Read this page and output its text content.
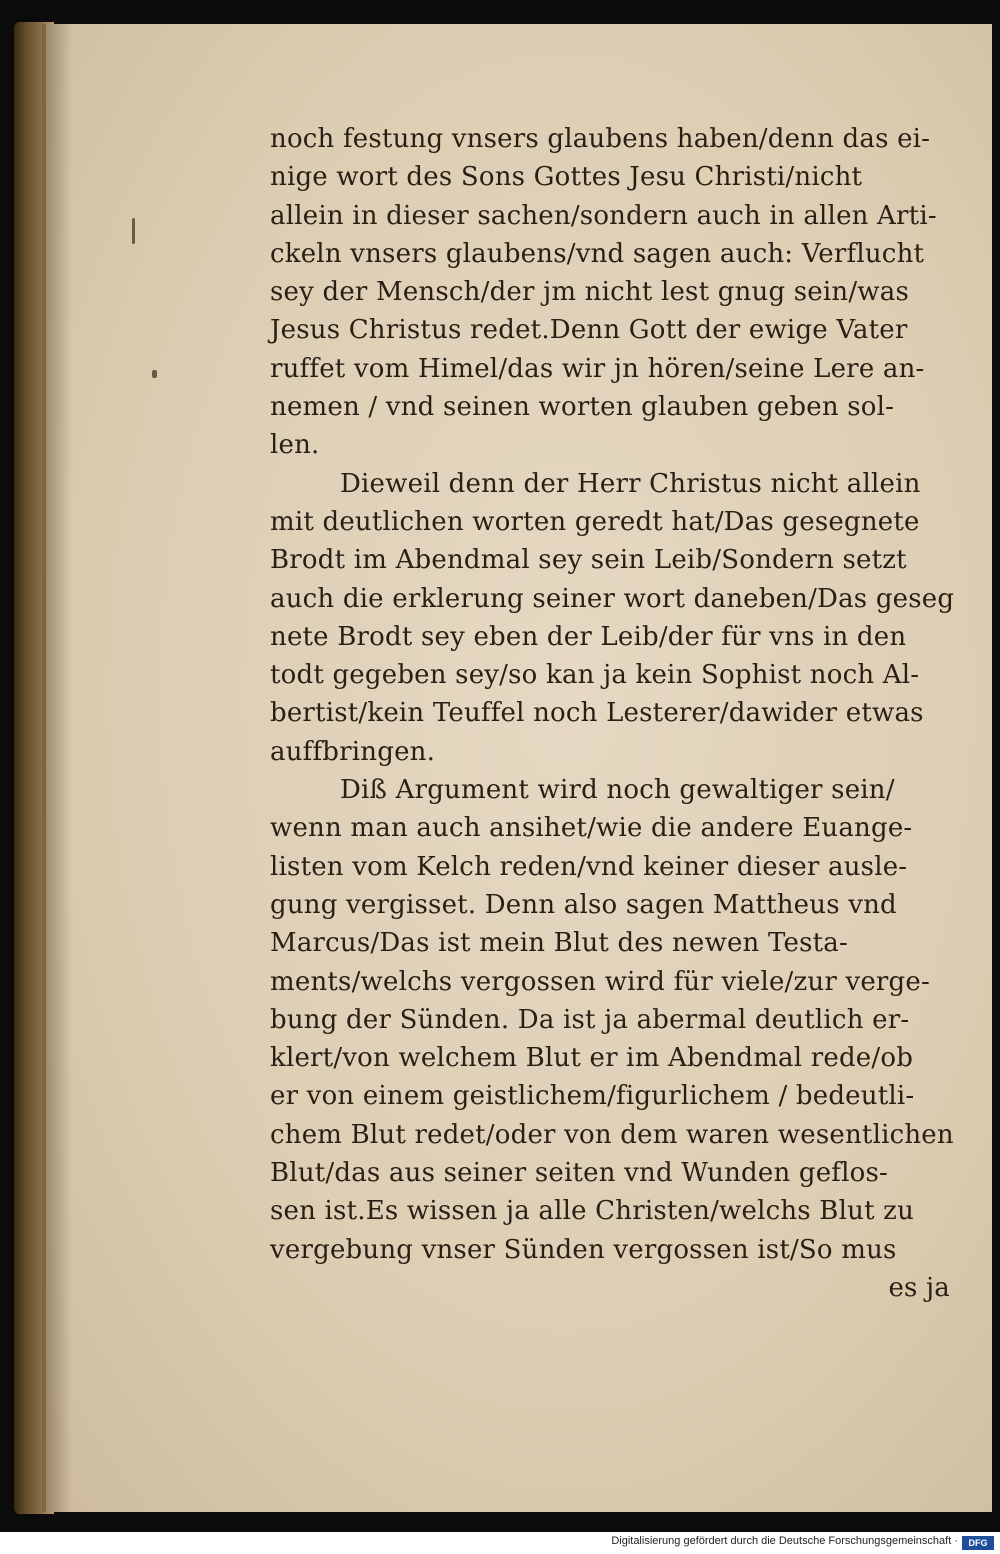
noch festung vnsers glaubens haben/denn das ei-
nige wort des Sons Gottes Jesu Christi/nicht
allein in dieser sachen/sondern auch in allen Arti-
ckeln vnsers glaubens/vnd sagen auch: Verflucht
sey der Mensch/der jm nicht lest gnug sein/was
Jesus Christus redet.Denn Gott der ewige Vater
ruffet vom Himel/das wir jn hören/seine Lere an-
nemen / vnd seinen worten glauben geben sol-
len.
Dieweil denn der Herr Christus nicht allein
mit deutlichen worten geredt hat/Das gesegnete
Brodt im Abendmal sey sein Leib/Sondern setzt
auch die erklerung seiner wort daneben/Das geseg
nete Brodt sey eben der Leib/der für vns in den
todt gegeben sey/so kan ja kein Sophist noch Al-
bertist/kein Teuffel noch Lesterer/dawider etwas
auffbringen.
Diß Argument wird noch gewaltiger sein/
wenn man auch ansihet/wie die andere Euange-
listen vom Kelch reden/vnd keiner dieser ausle-
gung vergisset. Denn also sagen Mattheus vnd
Marcus/Das ist mein Blut des newen Testa-
ments/welchs vergossen wird für viele/zur verge-
bung der Sünden. Da ist ja abermal deutlich er-
klert/von welchem Blut er im Abendmal rede/ob
er von einem geistlichem/figurlichem / bedeutli-
chem Blut redet/oder von dem waren wesentlichen
Blut/das aus seiner seiten vnd Wunden geflos-
sen ist.Es wissen ja alle Christen/welchs Blut zu
vergebung vnser Sünden vergossen ist/So mus
es ja
Digitalisierung gefördert durch die Deutsche Forschungsgemeinschaft ·	DFG
